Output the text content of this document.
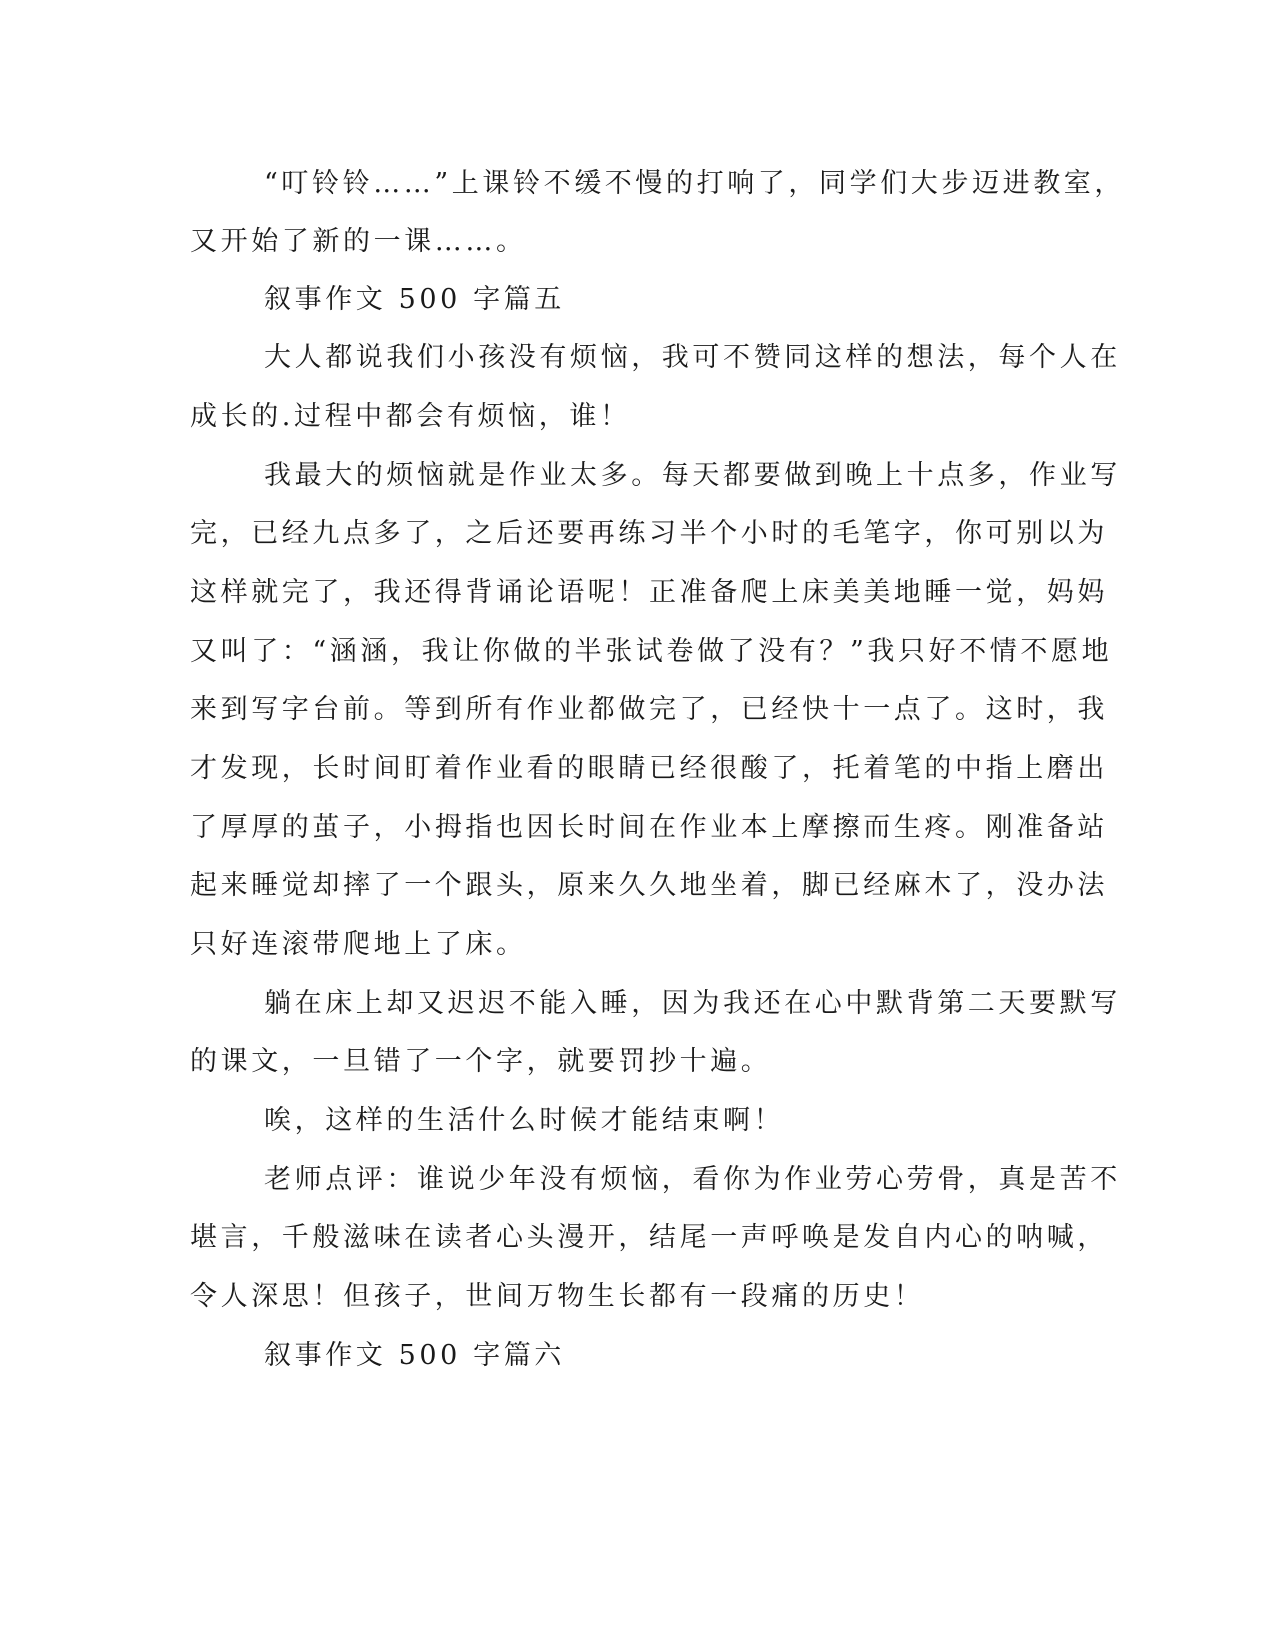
“叮铃铃……”上课铃不缓不慢的打响了，同学们大步迈进教室，
又开始了新的一课……。
叙事作文 500 字篇五
大人都说我们小孩没有烦恼，我可不赞同这样的想法，每个人在
成长的.过程中都会有烦恼，谁！
我最大的烦恼就是作业太多。每天都要做到晚上十点多，作业写
完，已经九点多了，之后还要再练习半个小时的毛笔字，你可别以为
这样就完了，我还得背诵论语呢！正准备爬上床美美地睡一觉，妈妈
又叫了：“涵涵，我让你做的半张试卷做了没有？”我只好不情不愿地
来到写字台前。等到所有作业都做完了，已经快十一点了。这时，我
才发现，长时间盯着作业看的眼睛已经很酸了，托着笔的中指上磨出
了厚厚的茧子，小拇指也因长时间在作业本上摩擦而生疼。刚准备站
起来睡觉却摔了一个跟头，原来久久地坐着，脚已经麻木了，没办法
只好连滚带爬地上了床。
躺在床上却又迟迟不能入睡，因为我还在心中默背第二天要默写
的课文，一旦错了一个字，就要罚抄十遍。
唉，这样的生活什么时候才能结束啊！
老师点评：谁说少年没有烦恼，看你为作业劳心劳骨，真是苦不
堪言，千般滋味在读者心头漫开，结尾一声呼唤是发自内心的呐喊，
令人深思！但孩子，世间万物生长都有一段痛的历史！
叙事作文 500 字篇六
